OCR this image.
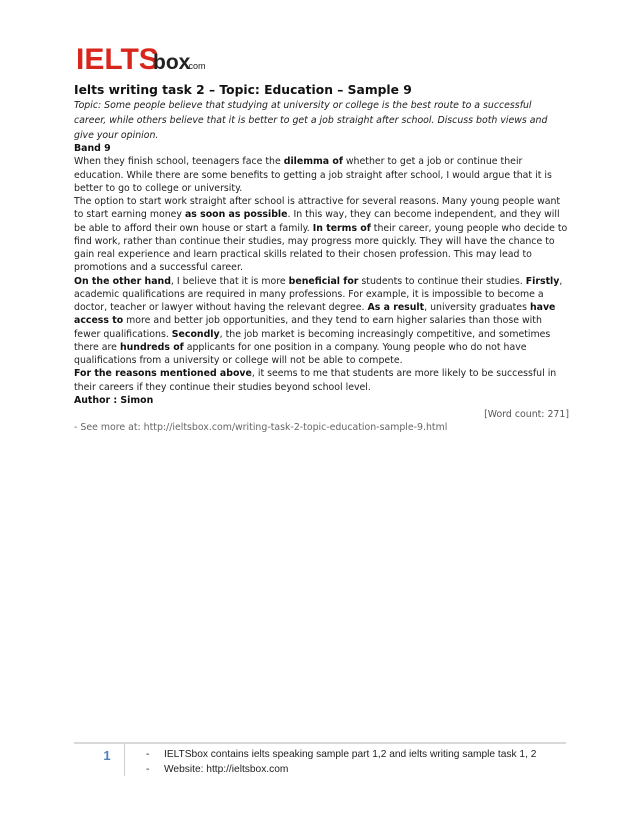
IELTS
box
.com
Ielts writing task 2 – Topic: Education – Sample 9
Topic: Some people believe that studying at university or college is the best route to a successful career, while others believe that it is better to get a job straight after school. Discuss both views and give your opinion.

Band 9

When they finish school, teenagers face the dilemma of whether to get a job or continue their education. While there are some benefits to getting a job straight after school, I would argue that it is better to go to college or university.

The option to start work straight after school is attractive for several reasons. Many young people want to start earning money as soon as possible. In this way, they can become independent, and they will be able to afford their own house or start a family. In terms of their career, young people who decide to find work, rather than continue their studies, may progress more quickly. They will have the chance to gain real experience and learn practical skills related to their chosen profession. This may lead to promotions and a successful career.

On the other hand, I believe that it is more beneficial for students to continue their studies. Firstly, academic qualifications are required in many professions. For example, it is impossible to become a doctor, teacher or lawyer without having the relevant degree. As a result, university graduates have access to more and better job opportunities, and they tend to earn higher salaries than those with fewer qualifications. Secondly, the job market is becoming increasingly competitive, and sometimes there are hundreds of applicants for one position in a company. Young people who do not have qualifications from a university or college will not be able to compete.

For the reasons mentioned above, it seems to me that students are more likely to be successful in their careers if they continue their studies beyond school level.

Author : Simon

[Word count: 271]

- See more at: http://ieltsbox.com/writing-task-2-topic-education-sample-9.html

1	- IELTSbox contains ielts speaking sample part 1,2 and ielts writing sample task 1, 2
- Website: http://ieltsbox.com
